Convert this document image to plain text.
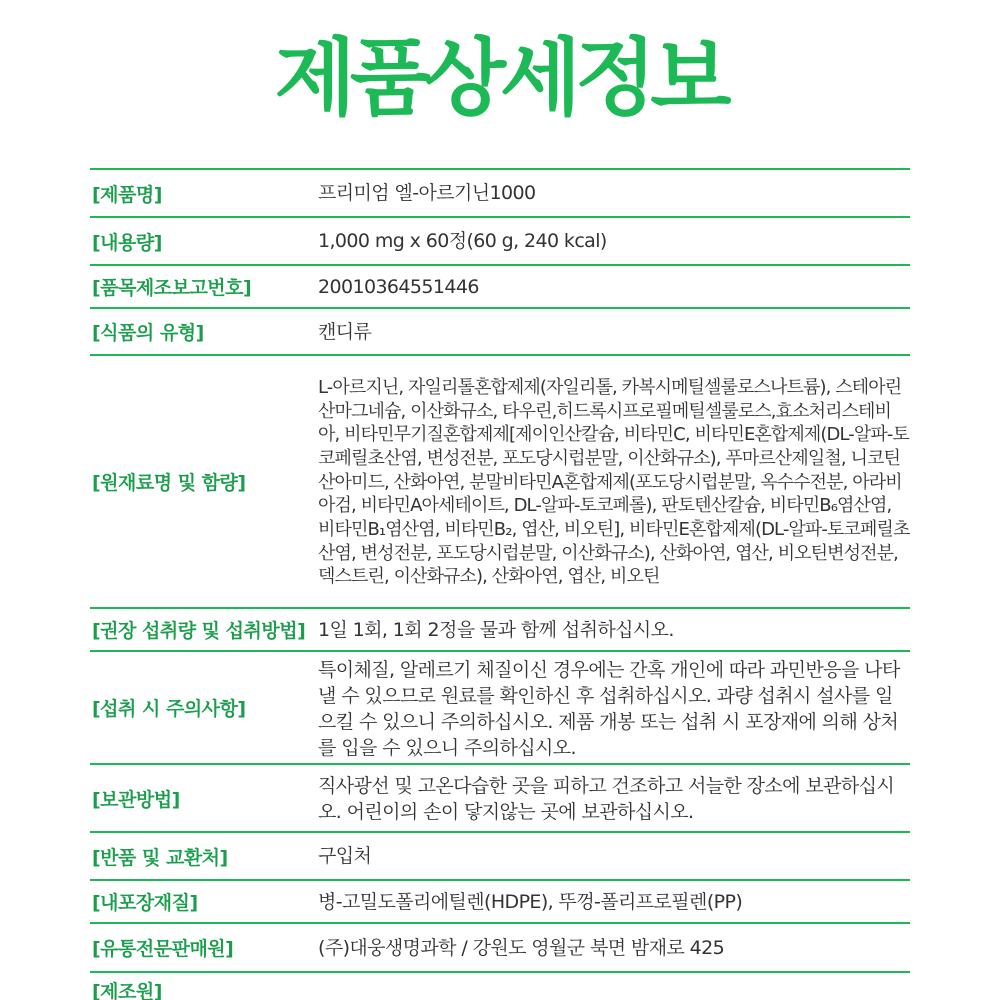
제품상세정보
[제품명]	프리미엄 엘-아르기닌1000
[내용량]	1,000 mg x 60정(60 g, 240 kcal)
[품목제조보고번호]	20010364551446
[식품의 유형]	캔디류
[원재료명 및 함량]
L-아르지닌, 자일리톨혼합제제(자일리톨, 카복시메틸셀룰로스나트륨), 스테아린산마그네슘, 이산화규소, 타우린,히드록시프로필메틸셀룰로스,효소처리스테비아, 비타민무기질혼합제제[제이인산칼슘, 비타민C, 비타민E혼합제제(DL-알파-토코페릴초산염, 변성전분, 포도당시럽분말, 이산화규소), 푸마르산제일철, 니코틴산아미드, 산화아연, 분말비타민A혼합제제(포도당시럽분말, 옥수수전분, 아라비아검, 비타민A아세테이트, DL-알파-토코페롤), 판토텐산칼슘, 비타민B₆염산염, 비타민B₁염산염, 비타민B₂, 엽산, 비오틴], 비타민E혼합제제(DL-알파-토코페릴초산염, 변성전분, 포도당시럽분말, 이산화규소), 산화아연, 엽산, 비오틴변성전분, 덱스트린, 이산화규소), 산화아연, 엽산, 비오틴
[권장 섭취량 및 섭취방법] 1일 1회, 1회 2정을 물과 함께 섭취하십시오.
[섭취 시 주의사항]
특이체질, 알레르기 체질이신 경우에는 간혹 개인에 따라 과민반응을 나타낼 수 있으므로 원료를 확인하신 후 섭취하십시오. 과량 섭취시 설사를 일으킬 수 있으니 주의하십시오. 제품 개봉 또는 섭취 시 포장재에 의해 상처를 입을 수 있으니 주의하십시오.
[보관방법]
직사광선 및 고온다습한 곳을 피하고 건조하고 서늘한 장소에 보관하십시오. 어린이의 손이 닿지않는 곳에 보관하십시오.
[반품 및 교환처]	구입처
[내포장재질]	병-고밀도폴리에틸렌(HDPE), 뚜껑-폴리프로필렌(PP)
[유통전문판매원]	(주)대웅생명과학 / 강원도 영월군 북면 밤재로 425
[제조원]
